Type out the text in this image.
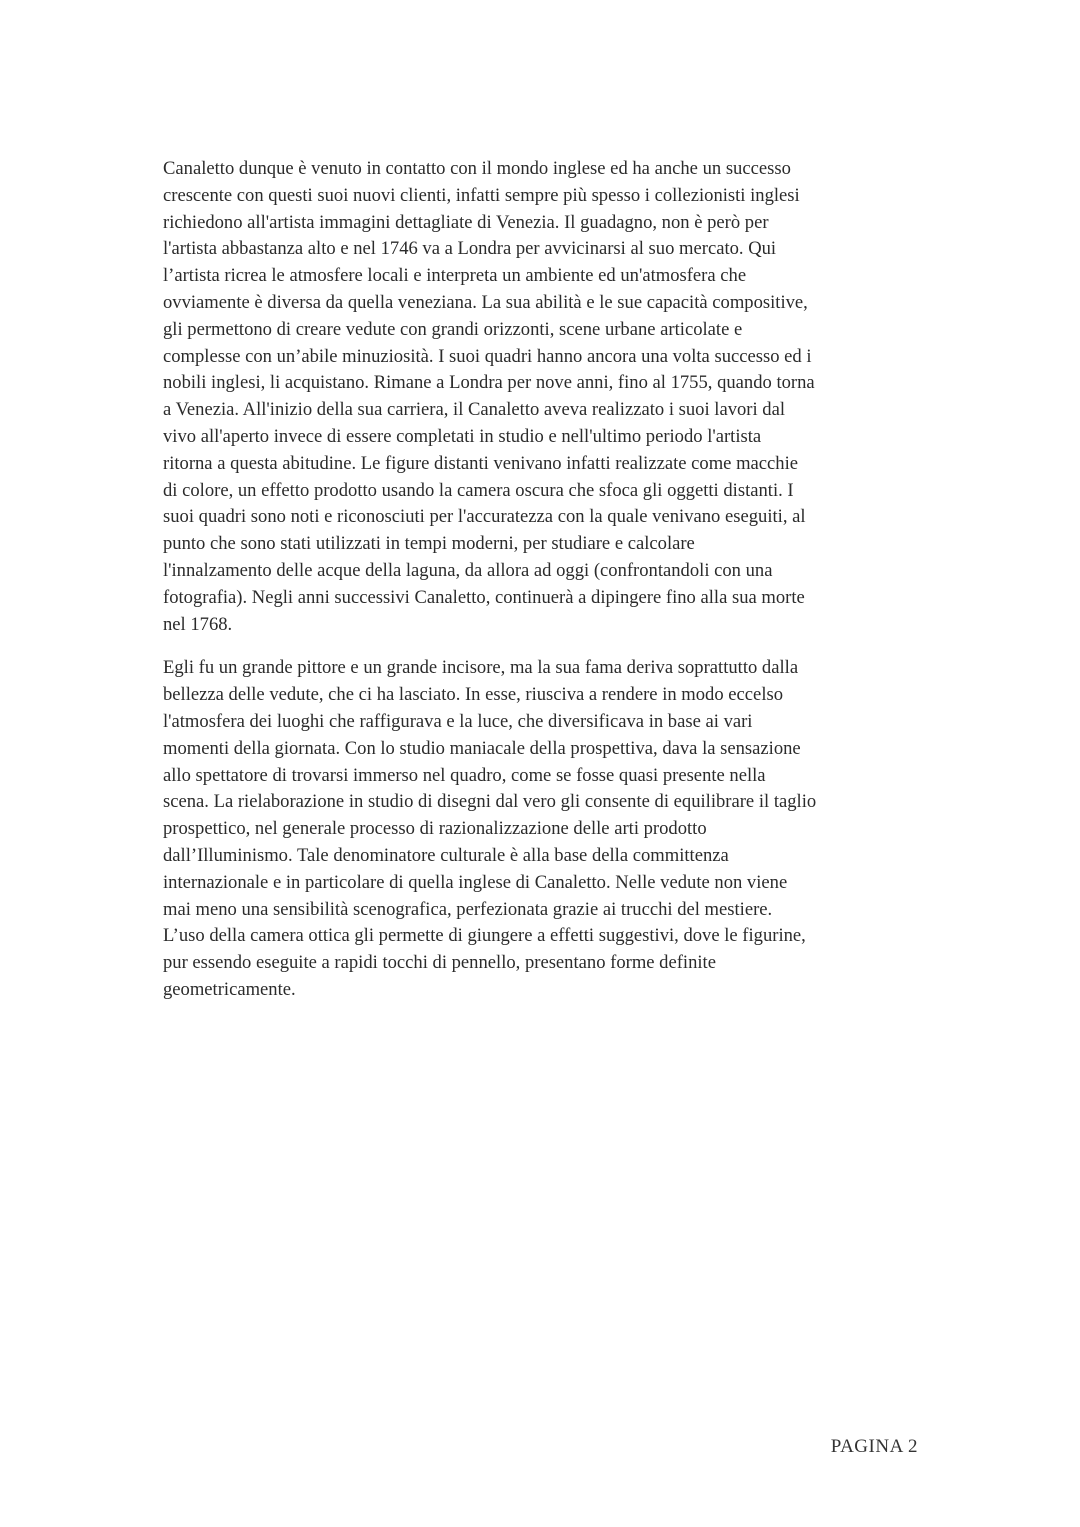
Canaletto dunque è venuto in contatto con il mondo inglese ed ha anche un successo
crescente con questi suoi nuovi clienti, infatti sempre più spesso i collezionisti inglesi
richiedono all'artista immagini dettagliate di Venezia. Il guadagno, non è però per
l'artista abbastanza alto e nel 1746 va a Londra per avvicinarsi al suo mercato. Qui
l’artista ricrea le atmosfere locali e interpreta un ambiente ed un'atmosfera che
ovviamente è diversa da quella veneziana. La sua abilità e le sue capacità compositive,
gli permettono di creare vedute con grandi orizzonti, scene urbane articolate e
complesse con un’abile minuziosità. I suoi quadri hanno ancora una volta successo ed i
nobili inglesi, li acquistano. Rimane a Londra per nove anni, fino al 1755, quando torna
a Venezia. All'inizio della sua carriera, il Canaletto aveva realizzato i suoi lavori dal
vivo all'aperto invece di essere completati in studio e nell'ultimo periodo l'artista
ritorna a questa abitudine. Le figure distanti venivano infatti realizzate come macchie
di colore, un effetto prodotto usando la camera oscura che sfoca gli oggetti distanti. I
suoi quadri sono noti e riconosciuti per l'accuratezza con la quale venivano eseguiti, al
punto che sono stati utilizzati in tempi moderni, per studiare e calcolare
l'innalzamento delle acque della laguna, da allora ad oggi (confrontandoli con una
fotografia). Negli anni successivi Canaletto, continuerà a dipingere fino alla sua morte
nel 1768.

Egli fu un grande pittore e un grande incisore, ma la sua fama deriva soprattutto dalla
bellezza delle vedute, che ci ha lasciato. In esse, riusciva a rendere in modo eccelso
l'atmosfera dei luoghi che raffigurava e la luce, che diversificava in base ai vari
momenti della giornata. Con lo studio maniacale della prospettiva, dava la sensazione
allo spettatore di trovarsi immerso nel quadro, come se fosse quasi presente nella
scena. La rielaborazione in studio di disegni dal vero gli consente di equilibrare il taglio
prospettico, nel generale processo di razionalizzazione delle arti prodotto
dall’Illuminismo. Tale denominatore culturale è alla base della committenza
internazionale e in particolare di quella inglese di Canaletto. Nelle vedute non viene
mai meno una sensibilità scenografica, perfezionata grazie ai trucchi del mestiere.
L’uso della camera ottica gli permette di giungere a effetti suggestivi, dove le figurine,
pur essendo eseguite a rapidi tocchi di pennello, presentano forme definite
geometricamente.

PAGINA 2
